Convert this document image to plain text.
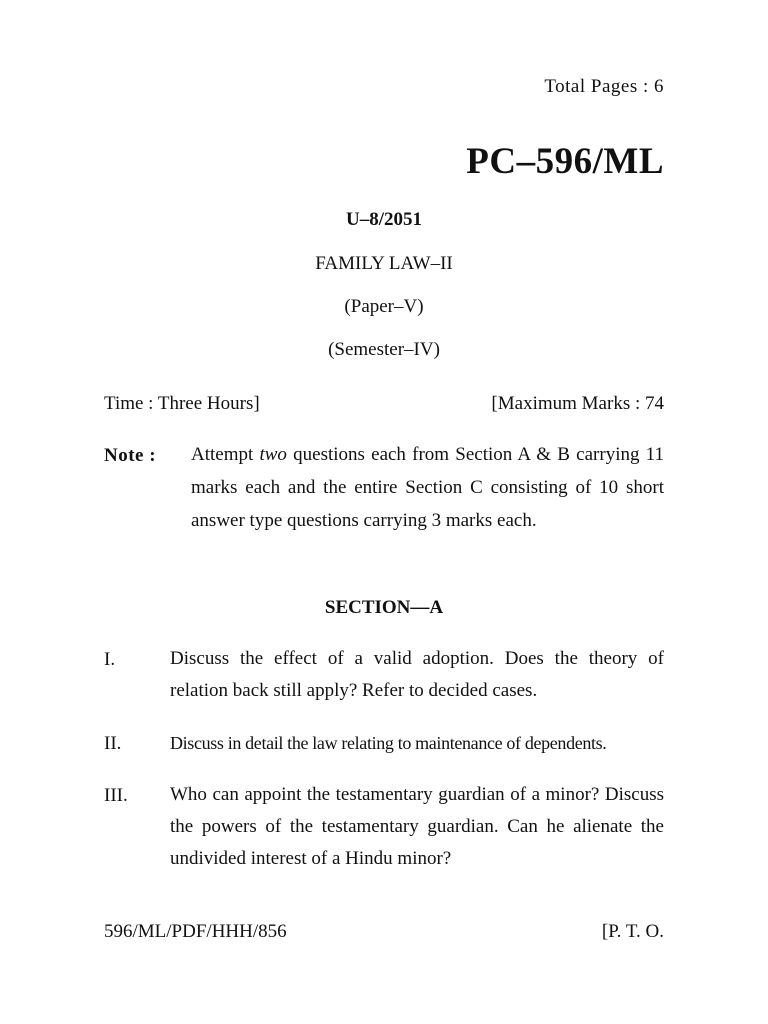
Total Pages : 6
PC–596/ML
U–8/2051
FAMILY LAW–II
(Paper–V)
(Semester–IV)
Time : Three Hours]	[Maximum Marks : 74
Note : Attempt two questions each from Section A & B carrying 11 marks each and the entire Section C consisting of 10 short answer type questions carrying 3 marks each.
SECTION—A
I.	Discuss the effect of a valid adoption. Does the theory of relation back still apply? Refer to decided cases.
II.	Discuss in detail the law relating to maintenance of dependents.
III. Who can appoint the testamentary guardian of a minor? Discuss the powers of the testamentary guardian. Can he alienate the undivided interest of a Hindu minor?
596/ML/PDF/HHH/856	[P. T. O.
